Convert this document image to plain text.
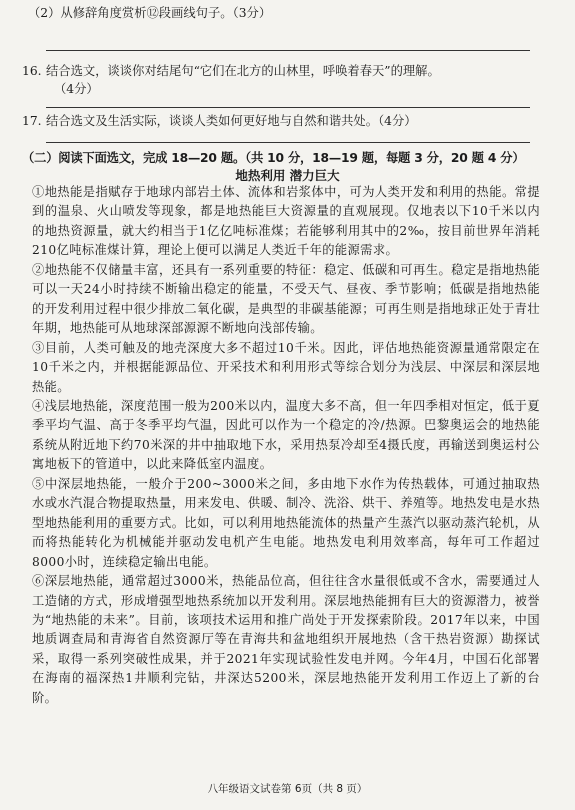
（2）从修辞角度赏析⑫段画线句子。（3分）
16. 结合选文，谈谈你对结尾句“它们在北方的山林里，呼唤着春天”的理解。
（4分）
17. 结合选文及生活实际，谈谈人类如何更好地与自然和谐共处。（4分）
（二）阅读下面选文，完成 18—20 题。（共 10 分，18—19 题，每题 3 分，20 题 4 分）
地热利用 潜力巨大

①地热能是指赋存于地球内部岩土体、流体和岩浆体中，可为人类开发和利用的热能。常提到的温泉、火山喷发等现象，都是地热能巨大资源量的直观展现。仅地表以下10千米以内的地热资源量，就大约相当于1亿亿吨标准煤；若能够利用其中的2‰，按目前世界年消耗210亿吨标准煤计算，理论上便可以满足人类近千年的能源需求。

②地热能不仅储量丰富，还具有一系列重要的特征：稳定、低碳和可再生。稳定是指地热能可以一天24小时持续不断输出稳定的能量，不受天气、昼夜、季节影响；低碳是指地热能的开发利用过程中很少排放二氧化碳，是典型的非碳基能源；可再生则是指地球正处于青壮年期，地热能可从地球深部源源不断地向浅部传输。

③目前，人类可触及的地壳深度大多不超过10千米。因此，评估地热能资源量通常限定在10千米之内，并根据能源品位、开采技术和利用形式等综合划分为浅层、中深层和深层地热能。

④浅层地热能，深度范围一般为200米以内，温度大多不高，但一年四季相对恒定，低于夏季平均气温、高于冬季平均气温，因此可以作为一个稳定的冷/热源。巴黎奥运会的地热能系统从附近地下约70米深的井中抽取地下水，采用热泵冷却至4摄氏度，再输送到奥运村公寓地板下的管道中，以此来降低室内温度。

⑤中深层地热能，一般介于200~3000米之间，多由地下水作为传热载体，可通过抽取热水或水汽混合物提取热量，用来发电、供暖、制冷、洗浴、烘干、养殖等。地热发电是水热型地热能利用的重要方式。比如，可以利用地热能流体的热量产生蒸汽以驱动蒸汽轮机，从而将热能转化为机械能并驱动发电机产生电能。地热发电利用效率高，每年可工作超过8000小时，连续稳定输出电能。

⑥深层地热能，通常超过3000米，热能品位高，但往往含水量很低或不含水，需要通过人工造储的方式，形成增强型地热系统加以开发利用。深层地热能拥有巨大的资源潜力，被誉为“地热能的未来”。目前，该项技术运用和推广尚处于开发探索阶段。2017年以来，中国地质调查局和青海省自然资源厅等在青海共和盆地组织开展地热（含干热岩资源）勘探试采，取得一系列突破性成果，并于2021年实现试验性发电并网。今年4月，中国石化部署在海南的福深热1井顺利完钻，井深达5200米，深层地热能开发利用工作迈上了新的台阶。

八年级语文试卷第 6页（共 8 页）
